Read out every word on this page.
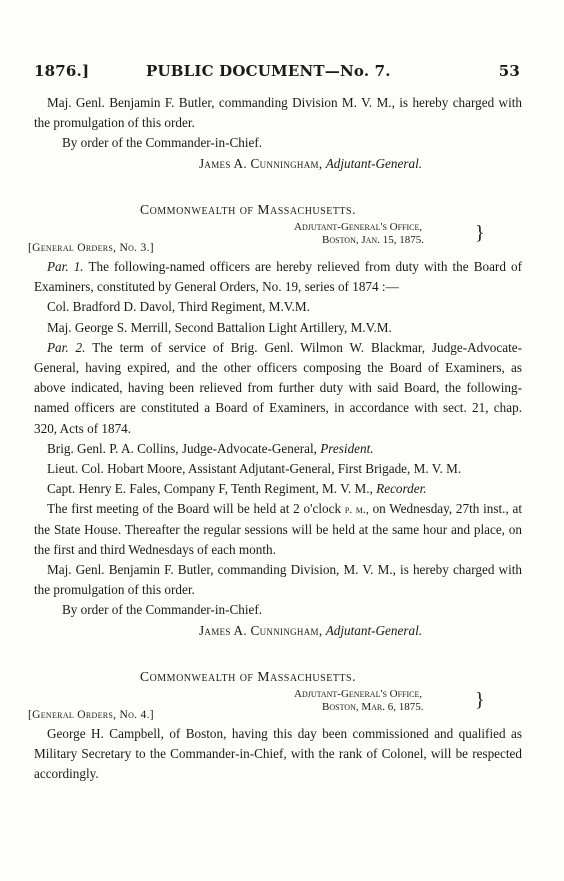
1876.]	PUBLIC DOCUMENT—No. 7.	53

Maj. Genl. Benjamin F. Butler, commanding Division M. V. M., is hereby charged with the promulgation of this order.

By order of the Commander-in-Chief.

James A. Cunningham, Adjutant-General.

Commonwealth of Massachusetts.

Adjutant-General's Office,
Boston, Jan. 15, 1875.	}

[General Orders, No. 3.]

Par. 1. The following-named officers are hereby relieved from duty with the Board of Examiners, constituted by General Orders, No. 19, series of 1874 :—

Col. Bradford D. Davol, Third Regiment, M.V.M.

Maj. George S. Merrill, Second Battalion Light Artillery, M.V.M.

Par. 2. The term of service of Brig. Genl. Wilmon W. Blackmar, Judge-Advocate-General, having expired, and the other officers composing the Board of Examiners, as above indicated, having been relieved from further duty with said Board, the following-named officers are constituted a Board of Examiners, in accordance with sect. 21, chap. 320, Acts of 1874.

Brig. Genl. P. A. Collins, Judge-Advocate-General, President.

Lieut. Col. Hobart Moore, Assistant Adjutant-General, First Brigade, M. V. M.

Capt. Henry E. Fales, Company F, Tenth Regiment, M. V. M., Recorder.

The first meeting of the Board will be held at 2 o'clock p. m., on Wednesday, 27th inst., at the State House. Thereafter the regular sessions will be held at the same hour and place, on the first and third Wednesdays of each month.

Maj. Genl. Benjamin F. Butler, commanding Division, M. V. M., is hereby charged with the promulgation of this order.

By order of the Commander-in-Chief.

James A. Cunningham, Adjutant-General.

Commonwealth of Massachusetts.

Adjutant-General's Office,
Boston, Mar. 6, 1875.	}

[General Orders, No. 4.]

George H. Campbell, of Boston, having this day been commissioned and qualified as Military Secretary to the Commander-in-Chief, with the rank of Colonel, will be respected accordingly.
